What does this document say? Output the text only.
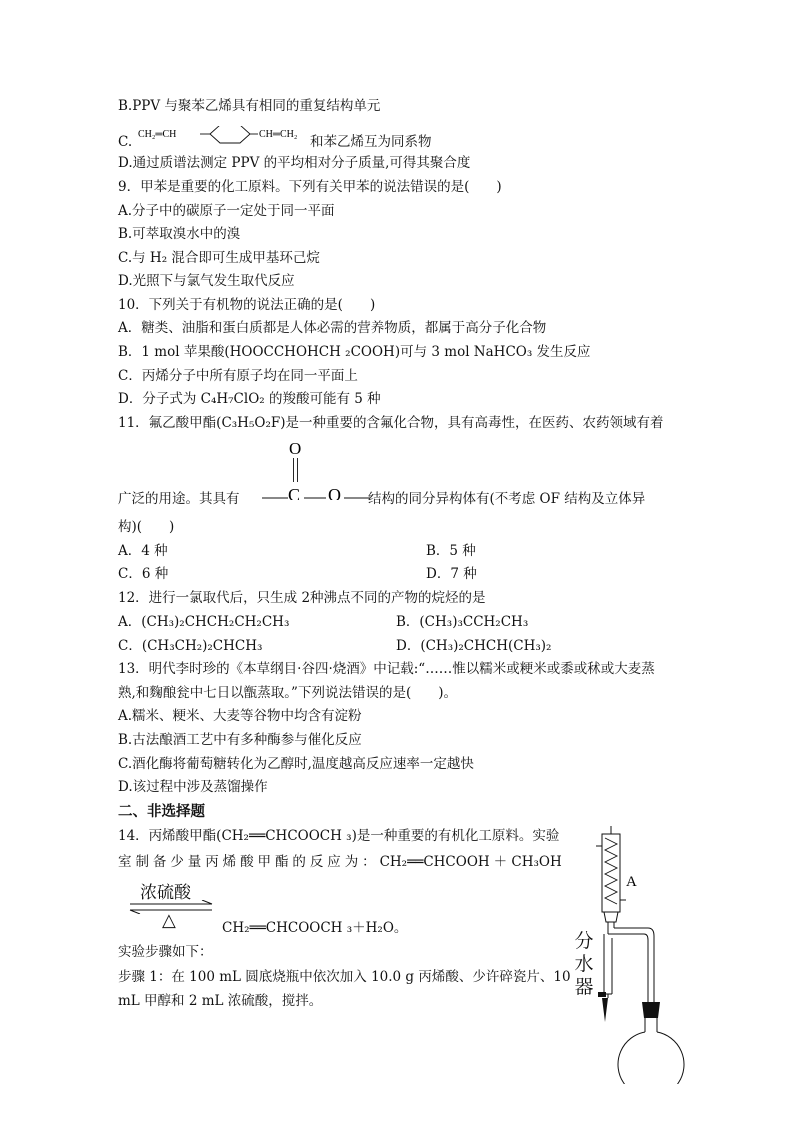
B.PPV 与聚苯乙烯具有相同的重复结构单元
C. CH₂═CH	CH═CH₂ 和苯乙烯互为同系物
D.通过质谱法测定 PPV 的平均相对分子质量,可得其聚合度
9．甲苯是重要的化工原料。下列有关甲苯的说法错误的是(　　)
A.分子中的碳原子一定处于同一平面
B.可萃取溴水中的溴
C.与 H₂ 混合即可生成甲基环己烷
D.光照下与氯气发生取代反应
10．下列关于有机物的说法正确的是(　　)
A．糖类、油脂和蛋白质都是人体必需的营养物质，都属于高分子化合物
B．1 mol 苹果酸(HOOCCHOHCH ₂COOH)可与 3 mol NaHCO₃ 发生反应
C．丙烯分子中所有原子均在同一平面上
D．分子式为 C₄H₇ClO₂ 的羧酸可能有 5 种
11．氟乙酸甲酯(C₃H₅O₂F)是一种重要的含氟化合物，具有高毒性，在医药、农药领域有着
O
C O
广泛的用途。其具有	结构的同分异构体有(不考虑 OF 结构及立体异
构)(　　)
A．4 种	B．5 种
C．6 种	D．7 种
12．进行一氯取代后，只生成 2种沸点不同的产物的烷烃的是
A．(CH₃)₂CHCH₂CH₂CH₃	B．(CH₃)₃CCH₂CH₃
C．(CH₃CH₂)₂CHCH₃	D．(CH₃)₂CHCH(CH₃)₂
13．明代李时珍的《本草纲目·谷四·烧酒》中记载:“……惟以糯米或粳米或黍或秫或大麦蒸
熟,和麴酿瓮中七日以甑蒸取。”下列说法错误的是(　　)。
A.糯米、粳米、大麦等谷物中均含有淀粉
B.古法酿酒工艺中有多种酶参与催化反应
C.酒化酶将葡萄糖转化为乙醇时,温度越高反应速率一定越快
D.该过程中涉及蒸馏操作
二、非选择题
14．丙烯酸甲酯(CH₂══CHCOOCH ₃)是一种重要的有机化工原料。实验
室 制 备 少 量 丙 烯 酸 甲 酯 的 反 应 为 ： CH₂══CHCOOH ＋ CH₃OH
浓硫酸
△	CH₂══CHCOOCH ₃＋H₂O。
实验步骤如下：
步骤 1：在 100 mL 圆底烧瓶中依次加入 10.0 g 丙烯酸、少许碎瓷片、10
mL 甲醇和 2 mL 浓硫酸，搅拌。
A
分
水
器
